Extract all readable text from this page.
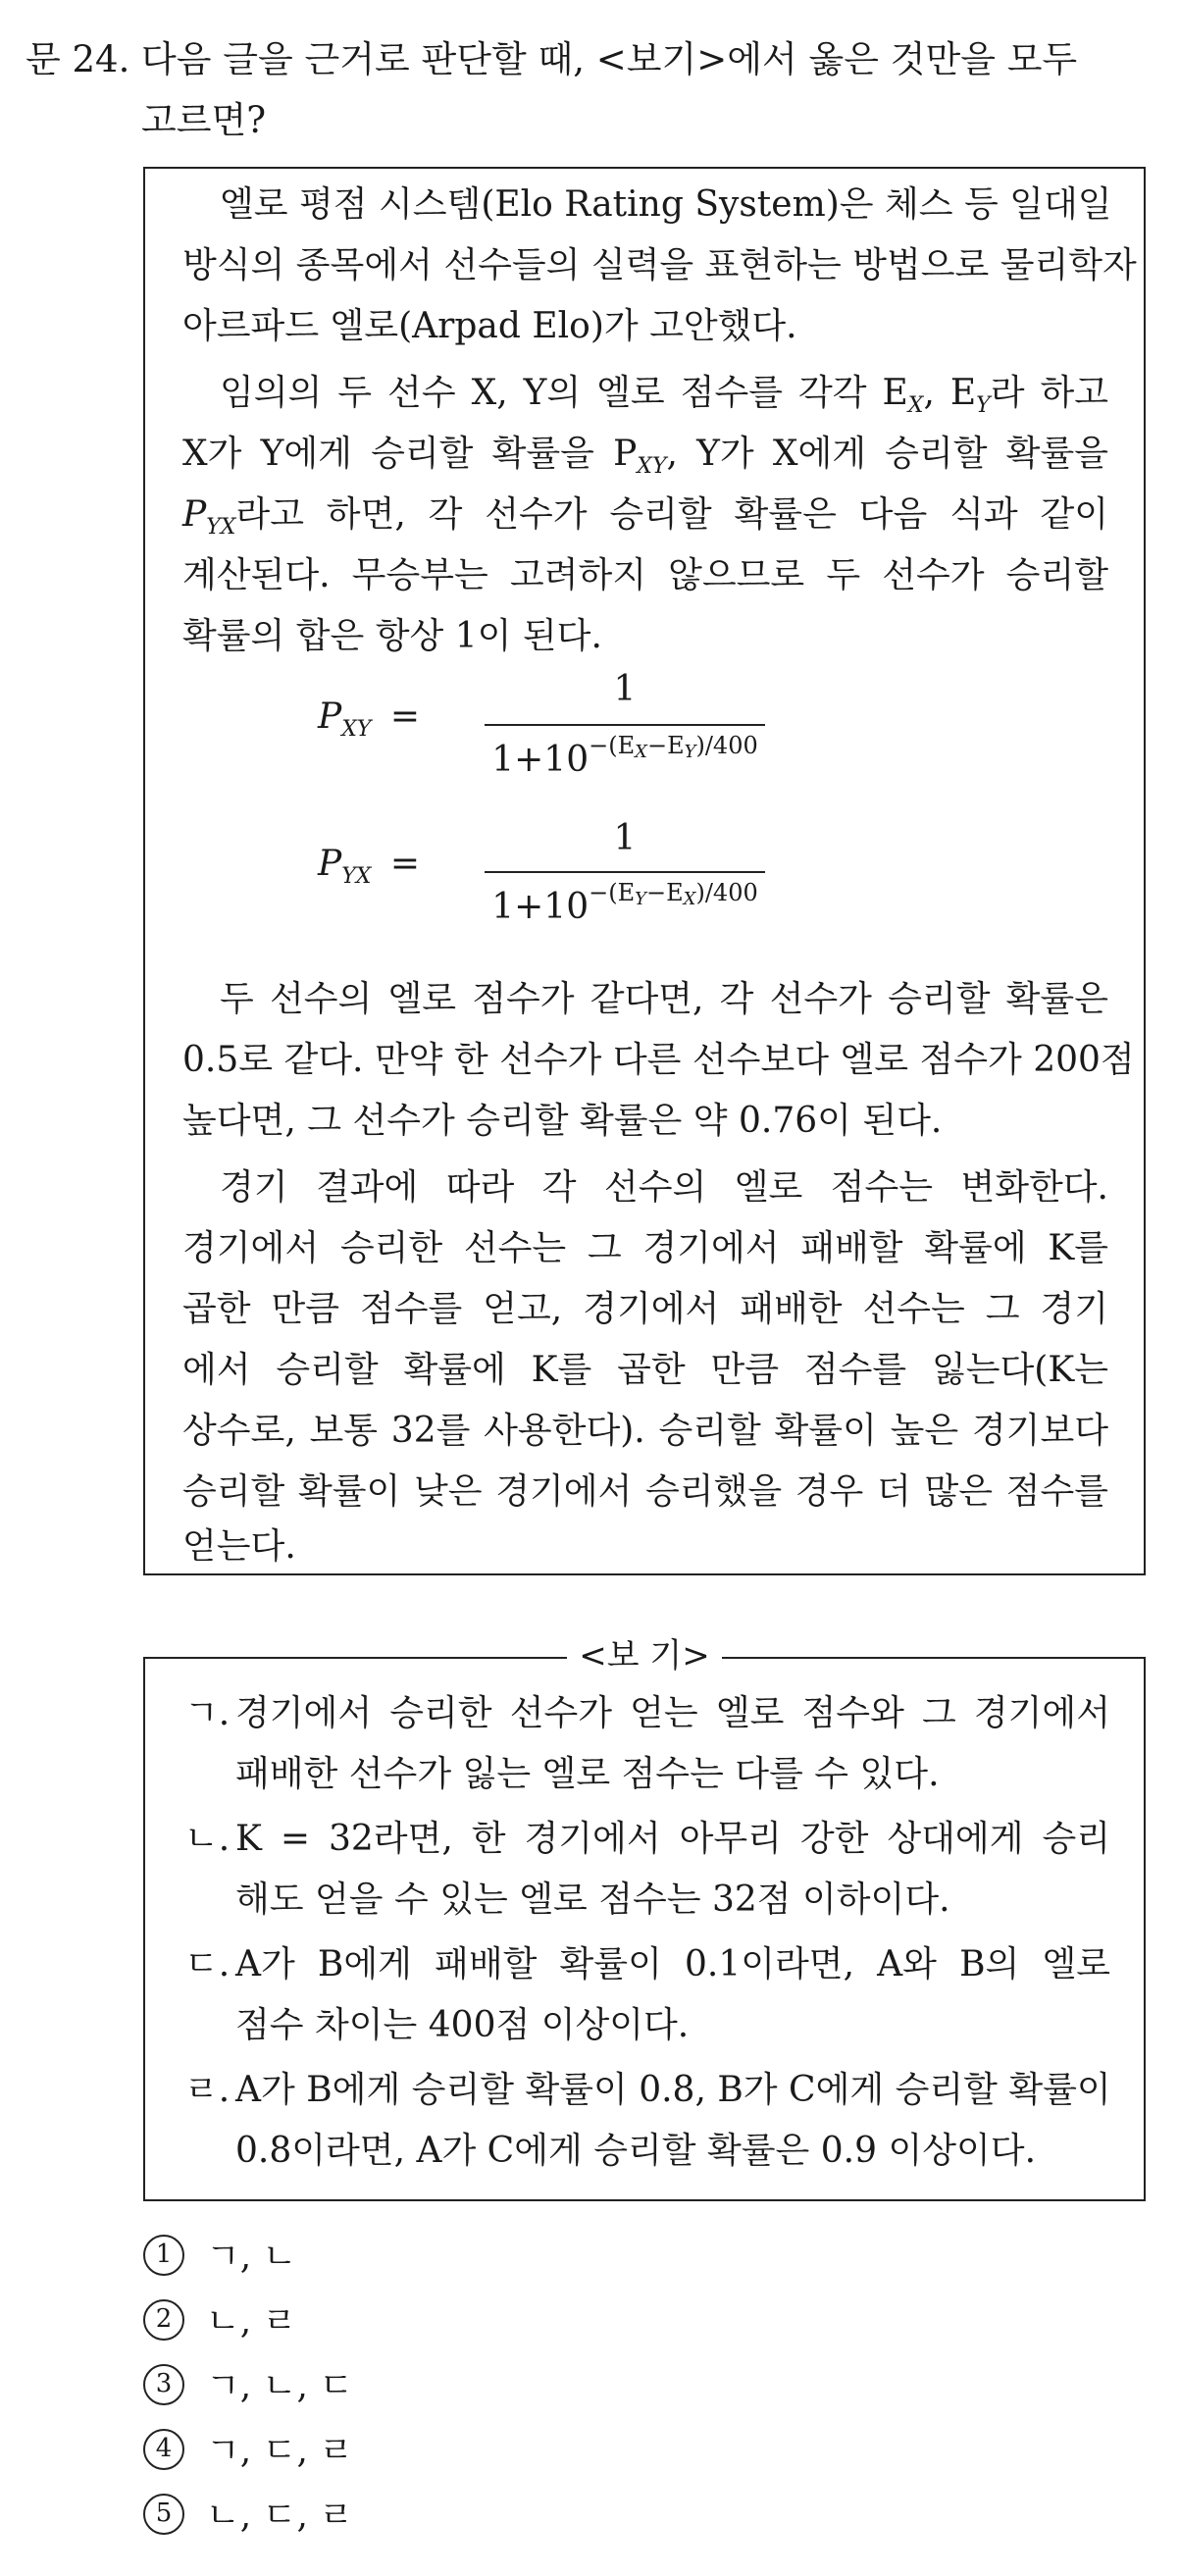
문 24. 다음 글을 근거로 판단할 때, <보기>에서 옳은 것만을 모두
고르면?
엘로 평점 시스템(Elo Rating System)은 체스 등 일대일
방식의 종목에서 선수들의 실력을 표현하는 방법으로 물리학자
아르파드 엘로(Arpad Elo)가 고안했다.
임의의 두 선수 X, Y의 엘로 점수를 각각 $E_X$, $E_Y$라 하고
X가 Y에게 승리할 확률을 $P_{XY}$, Y가 X에게 승리할 확률을
$P_{YX}$라고 하면, 각 선수가 승리할 확률은 다음 식과 같이
계산된다. 무승부는 고려하지 않으므로 두 선수가 승리할
확률의 합은 항상 1이 된다.
$P_{XY}$ =
1
$1+10^{-(EX-EY)/400}$
$P_{YX}$ =
1
$1+10^{-(EY-EX)/400}$
두 선수의 엘로 점수가 같다면, 각 선수가 승리할 확률은
0.5로 같다. 만약 한 선수가 다른 선수보다 엘로 점수가 200점
높다면, 그 선수가 승리할 확률은 약 0.76이 된다.
경기 결과에 따라 각 선수의 엘로 점수는 변화한다.
경기에서 승리한 선수는 그 경기에서 패배할 확률에 K를
곱한 만큼 점수를 얻고, 경기에서 패배한 선수는 그 경기
에서 승리할 확률에 K를 곱한 만큼 점수를 잃는다(K는
상수로, 보통 32를 사용한다). 승리할 확률이 높은 경기보다
승리할 확률이 낮은 경기에서 승리했을 경우 더 많은 점수를
얻는다.
<보 기>
ㄱ. 경기에서 승리한 선수가 얻는 엘로 점수와 그 경기에서
패배한 선수가 잃는 엘로 점수는 다를 수 있다.
ㄴ. K = 32라면, 한 경기에서 아무리 강한 상대에게 승리
해도 얻을 수 있는 엘로 점수는 32점 이하이다.
ㄷ. A가 B에게 패배할 확률이 0.1이라면, A와 B의 엘로
점수 차이는 400점 이상이다.
ㄹ. A가 B에게 승리할 확률이 0.8, B가 C에게 승리할 확률이
0.8이라면, A가 C에게 승리할 확률은 0.9 이상이다.
1 ㄱ, ㄴ
2 ㄴ, ㄹ
3 ㄱ, ㄴ, ㄷ
4 ㄱ, ㄷ, ㄹ
5 ㄴ, ㄷ, ㄹ
